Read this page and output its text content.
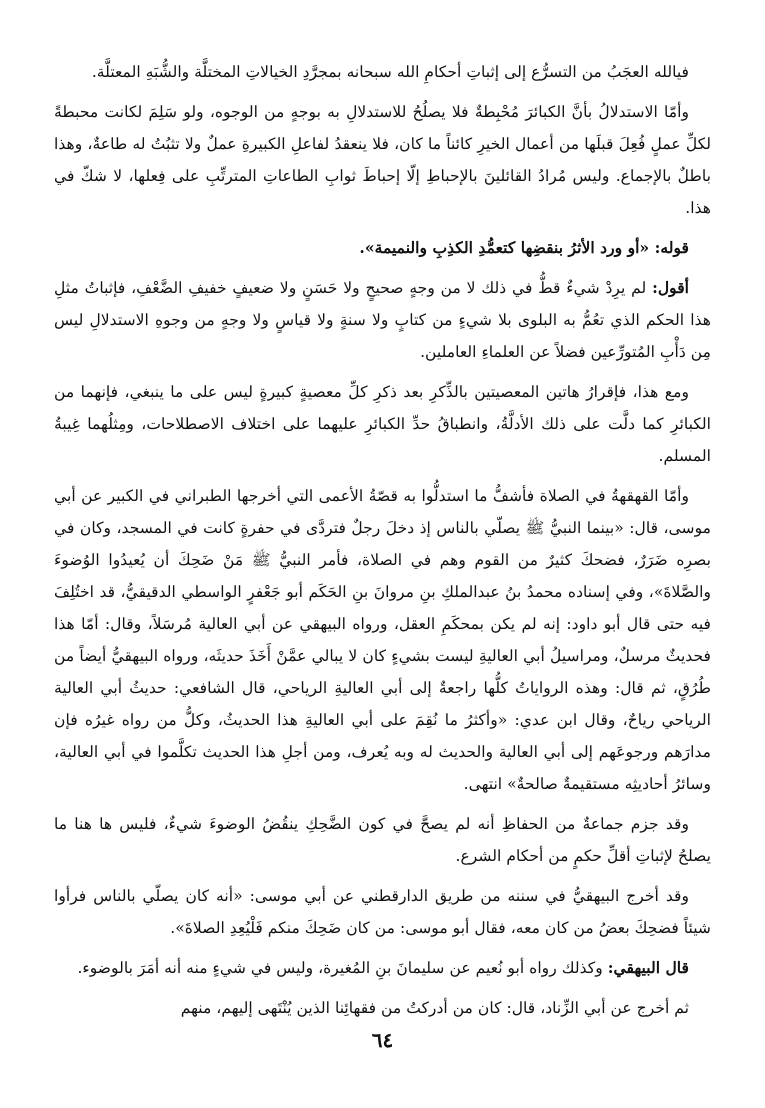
فيالله العجَبُ من التسرُّع إلى إثباتِ أحكامِ الله سبحانه بمجرَّدِ الخيالاتِ المختلَّة والشُّبَهِ المعتلَّة.

وأمّا الاستدلالُ بأنَّ الكبائرَ مُحْبِطةٌ فلا يصلُحُ للاستدلالِ به بوجهٍ من الوجوه، ولو سَلِمَ لكانت محبطةً لكلِّ عملٍ فُعِلَ قبلَها من أعمال الخيرِ كائناً ما كان، فلا ينعقدُ لفاعلِ الكبيرةِ عملٌ ولا تثبُتُ له طاعةٌ، وهذا باطلٌ بالإجماع. وليس مُرادُ القائلينَ بالإحباطِ إلّا إحباطَ ثوابِ الطاعاتِ المترتِّبِ على فِعلها، لا شكّ في هذا.

قوله: «أو ورد الأثرُ بنقضِها كتعمُّدِ الكذِبِ والنميمة».

أقول: لم يرِدْ شيءٌ قطُّ في ذلك لا من وجهٍ صحيحٍ ولا حَسَنٍ ولا ضعيفٍ خفيفِ الضَّعْفِ، فإثباتُ مثلِ هذا الحكم الذي تعُمُّ به البلوى بلا شيءٍ من كتابٍ ولا سنةٍ ولا قياسٍ ولا وجهٍ من وجوهِ الاستدلالِ ليس مِن دَأْبِ المُتورِّعين فضلاً عن العلماءِ العاملين.

ومع هذا، فإقرارُ هاتين المعصيتين بالذِّكرِ بعد ذكرِ كلِّ معصيةٍ كبيرةٍ ليس على ما ينبغي، فإنهما من الكبائرِ كما دلَّت على ذلك الأدلَّةُ، وانطباقُ حدِّ الكبائرِ عليهما على اختلاف الاصطلاحات، ومِثلُهما غِيبةُ المسلم.

وأمّا القهقهةُ في الصلاة فأشفُّ ما استدلُّوا به قصّةُ الأعمى التي أخرجها الطبراني في الكبير عن أبي موسى، قال: «بينما النبيُّ ﷺ يصلّي بالناس إذ دخلَ رجلٌ فتردَّى في حفرةٍ كانت في المسجد، وكان في بصرِه ضَرَرٌ، فضحكَ كثيرٌ من القوم وهم في الصلاة، فأمر النبيُّ ﷺ مَنْ ضَحِكَ أن يُعيدُوا الوُضوءَ والصَّلاةَ»، وفي إسناده محمدُ بنُ عبدالملكِ بنِ مروانَ بنِ الحَكَم أبو جَعْفرٍ الواسطي الدقيقيُّ، قد اختُلِفَ فيه حتى قال أبو داود: إنه لم يكن بمحكَمِ العقل، ورواه البيهقي عن أبي العالية مُرسَلاً، وقال: أمّا هذا فحديثٌ مرسلٌ، ومراسيلُ أبي العاليةِ ليست بشيءٍ كان لا يبالي عمَّنْ أَخَذَ حديثَه، ورواه البيهقيُّ أيضاً من طُرُقٍ، ثم قال: وهذه الرواياتُ كلُّها راجعةٌ إلى أبي العاليةِ الرياحي، قال الشافعي: حديثُ أبي العالية الرياحي رياحٌ، وقال ابن عدي: «وأكثرُ ما نُقِمَ على أبي العاليةِ هذا الحديثُ، وكلُّ من رواه غيرُه فإن مدارَهم ورجوعَهم إلى أبي العالية والحديث له وبه يُعرف، ومن أجلِ هذا الحديث تكلَّموا في أبي العالية، وسائرُ أحاديثِه مستقيمةٌ صالحةٌ» انتهى.

وقد جزم جماعةٌ من الحفاظِ أنه لم يصحَّ في كون الضَّحِكِ ينقُضُ الوضوءَ شيءٌ، فليس ها هنا ما يصلحُ لإثباتِ أقلِّ حكمٍ من أحكام الشرع.

وقد أخرج البيهقيُّ في سننه من طريق الدارقطني عن أبي موسى: «أنه كان يصلّي بالناس فرأوا شيئاً فضحِكَ بعضُ من كان معه، فقال أبو موسى: من كان ضَحِكَ منكم فَلْيُعِدِ الصلاةَ».

قال البيهقي: وكذلك رواه أبو نُعيم عن سليمانَ بنِ المُغيرة، وليس في شيءٍ منه أنه أمَرَ بالوضوء.

ثم أخرج عن أبي الزِّناد، قال: كان من أدركتُ من فقهائِنا الذين يُنْتَهى إليهم، منهم

٦٤
